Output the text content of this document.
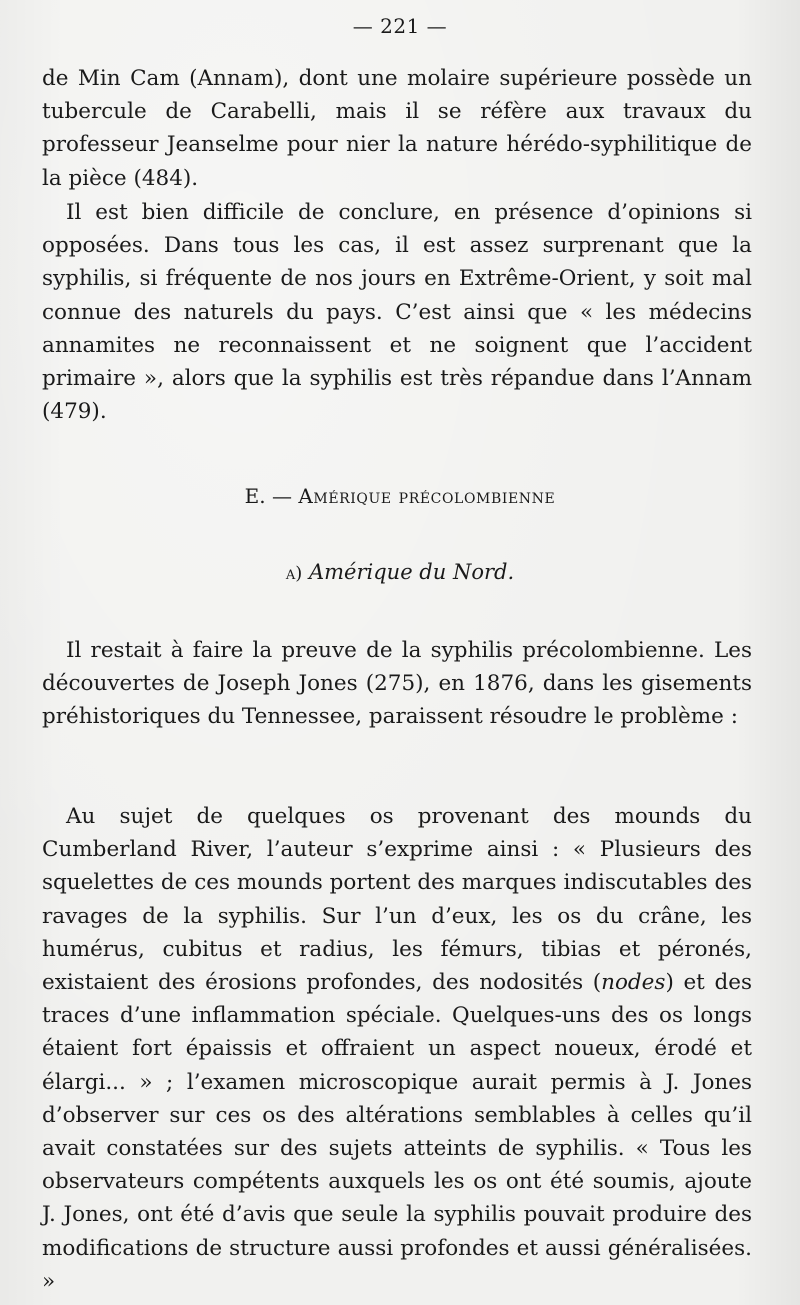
— 221 —

de Min Cam (Annam), dont une molaire supérieure possède un tubercule de Carabelli, mais il se réfère aux travaux du professeur Jeanselme pour nier la nature hérédo-syphilitique de la pièce (484).

Il est bien difficile de conclure, en présence d’opinions si opposées. Dans tous les cas, il est assez surprenant que la syphilis, si fréquente de nos jours en Extrême-Orient, y soit mal connue des naturels du pays. C’est ainsi que « les médecins annamites ne reconnaissent et ne soignent que l’accident primaire », alors que la syphilis est très répandue dans l’Annam (479).

E. — Amérique précolombienne
a) Amérique du Nord.

Il restait à faire la preuve de la syphilis précolombienne. Les découvertes de Joseph Jones (275), en 1876, dans les gisements préhistoriques du Tennessee, paraissent résoudre le problème :

Au sujet de quelques os provenant des mounds du Cumberland River, l’auteur s’exprime ainsi : « Plusieurs des squelettes de ces mounds portent des marques indiscutables des ravages de la syphilis. Sur l’un d’eux, les os du crâne, les humérus, cubitus et radius, les fémurs, tibias et péronés, existaient des érosions profondes, des nodosités (nodes) et des traces d’une inflammation spéciale. Quelques-uns des os longs étaient fort épaissis et offraient un aspect noueux, érodé et élargi... » ; l’examen microscopique aurait permis à J. Jones d’observer sur ces os des altérations semblables à celles qu’il avait constatées sur des sujets atteints de syphilis. « Tous les observateurs compétents auxquels les os ont été soumis, ajoute J. Jones, ont été d’avis que seule la syphilis pouvait produire des modifications de structure aussi profondes et aussi généralisées. »
